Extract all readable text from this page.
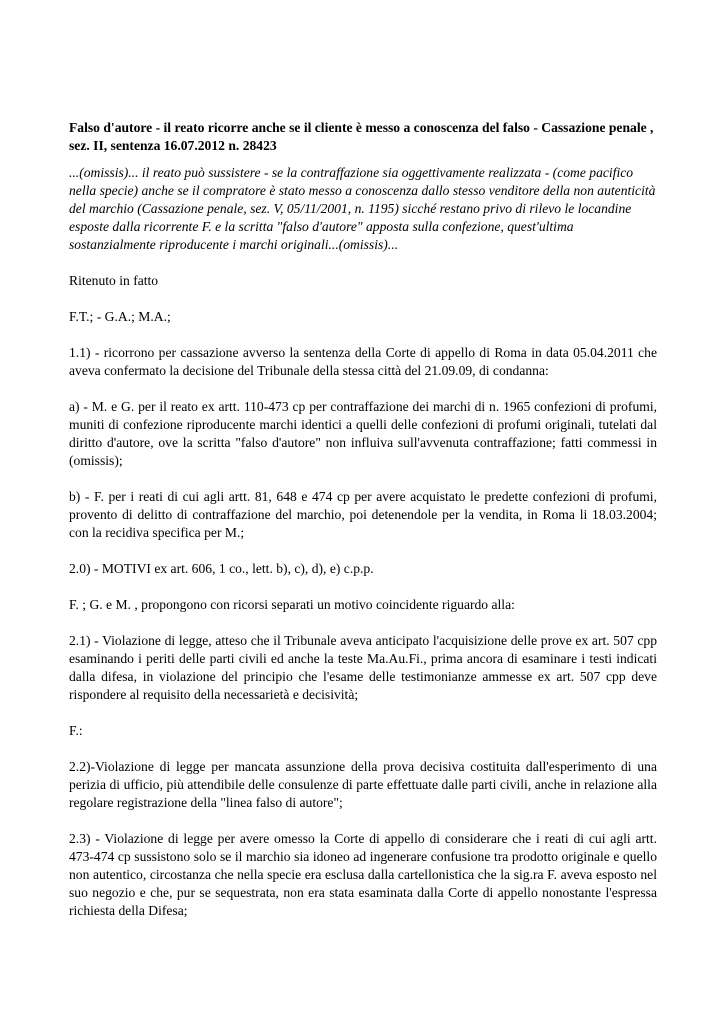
Falso d'autore - il reato ricorre anche se il cliente è messo a conoscenza del falso - Cassazione penale , sez. II, sentenza 16.07.2012 n. 28423
...(omissis)... il reato può sussistere - se la contraffazione sia oggettivamente realizzata - (come pacifico nella specie) anche se il compratore è stato messo a conoscenza dallo stesso venditore della non autenticità del marchio (Cassazione penale, sez. V, 05/11/2001, n. 1195) sicché restano privo di rilevo le locandine esposte dalla ricorrente F. e la scritta "falso d'autore" apposta sulla confezione, quest'ultima sostanzialmente riproducente i marchi originali...(omissis)...

Ritenuto in fatto

F.T.; - G.A.; M.A.;

1.1) - ricorrono per cassazione avverso la sentenza della Corte di appello di Roma in data 05.04.2011 che aveva confermato la decisione del Tribunale della stessa città del 21.09.09, di condanna:

a) - M. e G. per il reato ex artt. 110-473 cp per contraffazione dei marchi di n. 1965 confezioni di profumi, muniti di confezione riproducente marchi identici a quelli delle confezioni di profumi originali, tutelati dal diritto d'autore, ove la scritta "falso d'autore" non influiva sull'avvenuta contraffazione; fatti commessi in (omissis);

b) - F. per i reati di cui agli artt. 81, 648 e 474 cp per avere acquistato le predette confezioni di profumi, provento di delitto di contraffazione del marchio, poi detenendole per la vendita, in Roma li 18.03.2004; con la recidiva specifica per M.;

2.0) - MOTIVI ex art. 606, 1 co., lett. b), c), d), e) c.p.p.

F. ; G. e M. , propongono con ricorsi separati un motivo coincidente riguardo alla:

2.1) - Violazione di legge, atteso che il Tribunale aveva anticipato l'acquisizione delle prove ex art. 507 cpp esaminando i periti delle parti civili ed anche la teste Ma.Au.Fi., prima ancora di esaminare i testi indicati dalla difesa, in violazione del principio che l'esame delle testimonianze ammesse ex art. 507 cpp deve rispondere al requisito della necessarietà e decisività;

F.:

2.2)-Violazione di legge per mancata assunzione della prova decisiva costituita dall'esperimento di una perizia di ufficio, più attendibile delle consulenze di parte effettuate dalle parti civili, anche in relazione alla regolare registrazione della "linea falso di autore";

2.3) - Violazione di legge per avere omesso la Corte di appello di considerare che i reati di cui agli artt. 473-474 cp sussistono solo se il marchio sia idoneo ad ingenerare confusione tra prodotto originale e quello non autentico, circostanza che nella specie era esclusa dalla cartellonistica che la sig.ra F. aveva esposto nel suo negozio e che, pur se sequestrata, non era stata esaminata dalla Corte di appello nonostante l'espressa richiesta della Difesa;
